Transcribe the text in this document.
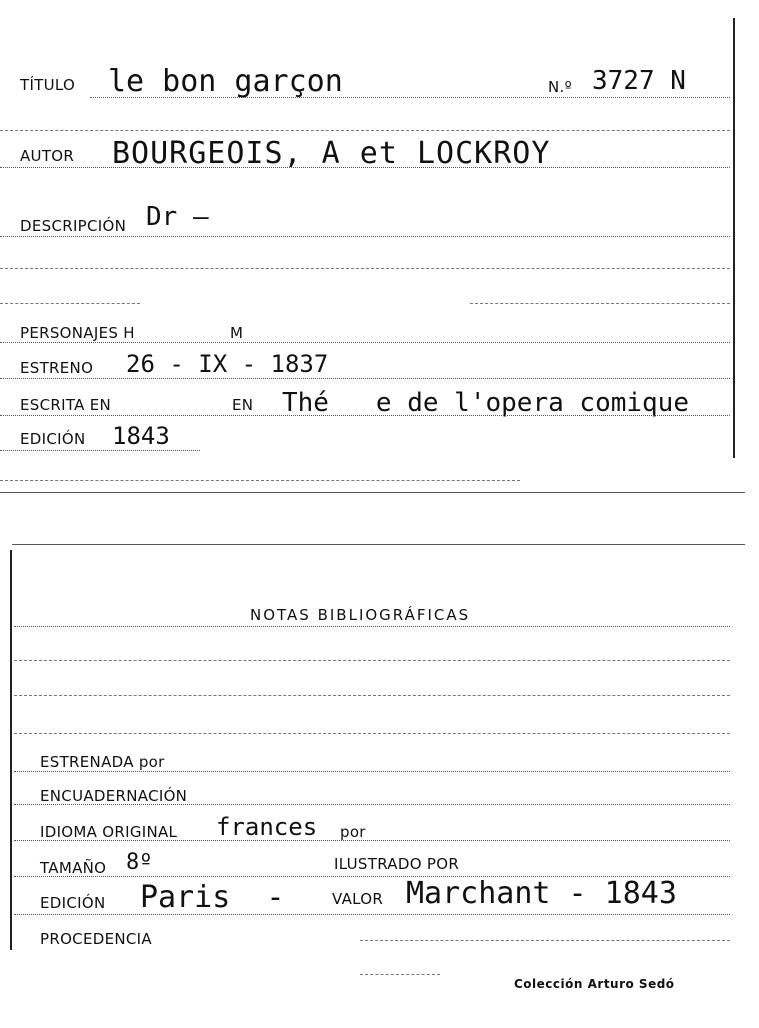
TÍTULO le bon garçon	N.º 3727 N
AUTOR BOURGEOIS, A et LOCKROY
DESCRIPCIÓN Dr —
PERSONAJES H	M
ESTRENO 26 - IX - 1837
ESCRITA EN	EN Thé   e de l'opera comique
EDICIÓN 1843
NOTAS BIBLIOGRÁFICAS
ESTRENADA por
ENCUADERNACIÓN
IDIOMA ORIGINAL frances por
TAMAÑO 8º	ILUSTRADO POR
EDICIÓN Paris  -	VALOR Marchant - 1843
PROCEDENCIA
Colección Arturo Sedó
